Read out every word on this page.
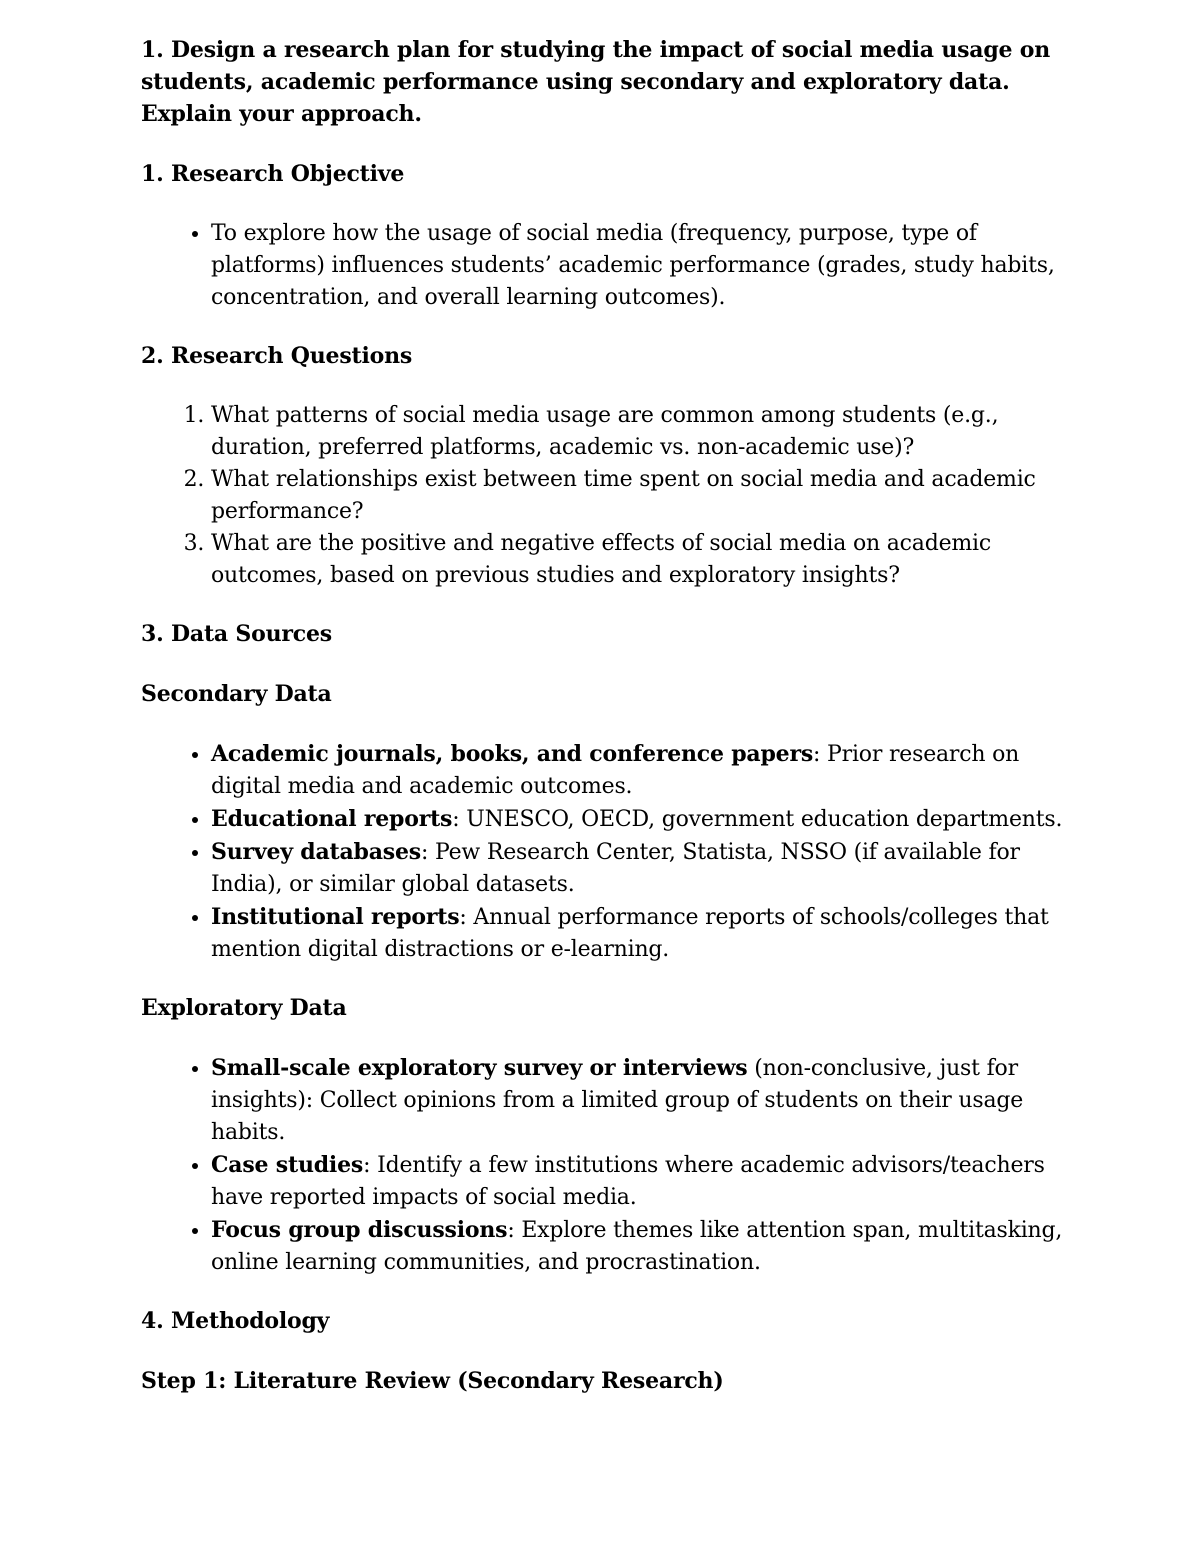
1. Design a research plan for studying the impact of social media usage on students, academic performance using secondary and exploratory data. Explain your approach.

1. Research Objective

• To explore how the usage of social media (frequency, purpose, type of platforms) influences students’ academic performance (grades, study habits, concentration, and overall learning outcomes).

2. Research Questions

1. What patterns of social media usage are common among students (e.g., duration, preferred platforms, academic vs. non-academic use)?
2. What relationships exist between time spent on social media and academic performance?
3. What are the positive and negative effects of social media on academic outcomes, based on previous studies and exploratory insights?

3. Data Sources

Secondary Data

• Academic journals, books, and conference papers: Prior research on digital media and academic outcomes.
• Educational reports: UNESCO, OECD, government education departments.
• Survey databases: Pew Research Center, Statista, NSSO (if available for India), or similar global datasets.
• Institutional reports: Annual performance reports of schools/colleges that mention digital distractions or e-learning.

Exploratory Data

• Small-scale exploratory survey or interviews (non-conclusive, just for insights): Collect opinions from a limited group of students on their usage habits.
• Case studies: Identify a few institutions where academic advisors/teachers have reported impacts of social media.
• Focus group discussions: Explore themes like attention span, multitasking, online learning communities, and procrastination.

4. Methodology

Step 1: Literature Review (Secondary Research)
